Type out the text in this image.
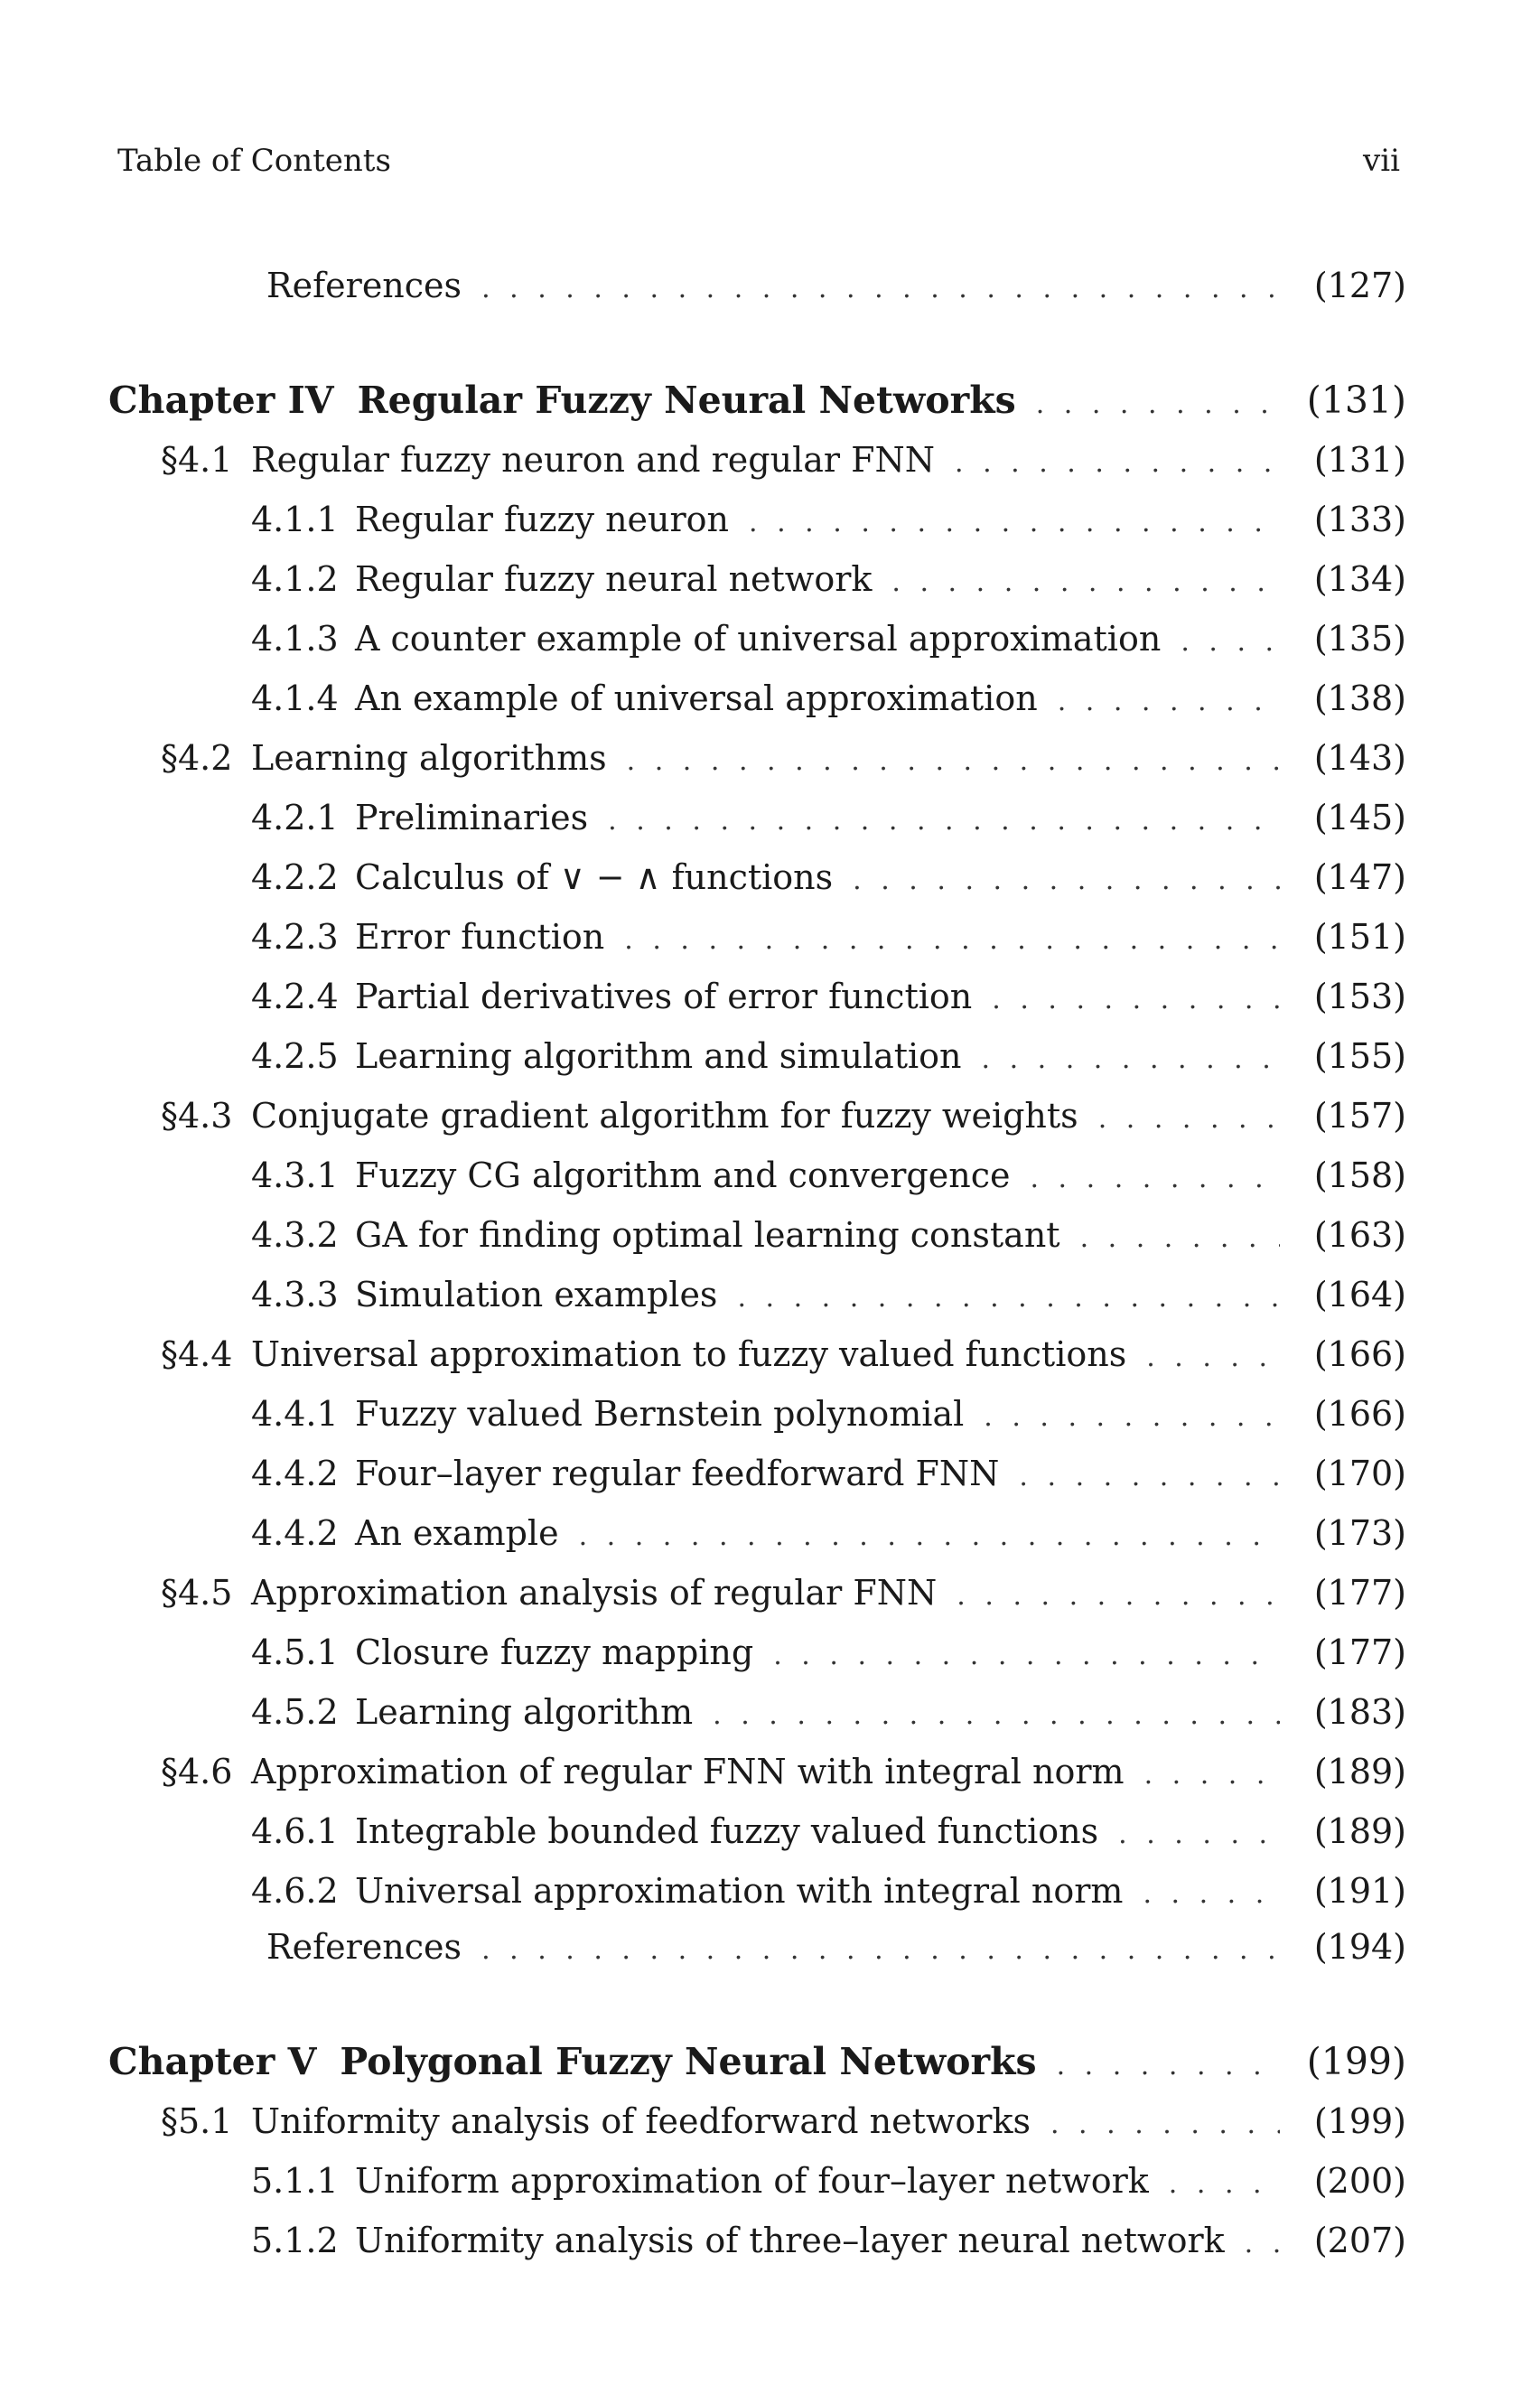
Table of Contents	vii
References . . .	(127)
Chapter IV Regular Fuzzy Neural Networks . . .	(131)
§4.1 Regular fuzzy neuron and regular FNN . . .	(131)
4.1.1 Regular fuzzy neuron . . .	(133)
4.1.2 Regular fuzzy neural network . . .	(134)
4.1.3 A counter example of universal approximation . . .	(135)
4.1.4 An example of universal approximation . . .	(138)
§4.2 Learning algorithms . . .	(143)
4.2.1 Preliminaries . . .	(145)
4.2.2 Calculus of ∨ − ∧ functions . . .	(147)
4.2.3 Error function . . .	(151)
4.2.4 Partial derivatives of error function . . .	(153)
4.2.5 Learning algorithm and simulation . . .	(155)
§4.3 Conjugate gradient algorithm for fuzzy weights . . .	(157)
4.3.1 Fuzzy CG algorithm and convergence . . .	(158)
4.3.2 GA for finding optimal learning constant . . .	(163)
4.3.3 Simulation examples . . .	(164)
§4.4 Universal approximation to fuzzy valued functions . . .	(166)
4.4.1 Fuzzy valued Bernstein polynomial . . .	(166)
4.4.2 Four–layer regular feedforward FNN . . .	(170)
4.4.2 An example . . .	(173)
§4.5 Approximation analysis of regular FNN . . .	(177)
4.5.1 Closure fuzzy mapping . . .	(177)
4.5.2 Learning algorithm . . .	(183)
§4.6 Approximation of regular FNN with integral norm . . .	(189)
4.6.1 Integrable bounded fuzzy valued functions . . .	(189)
4.6.2 Universal approximation with integral norm . . .	(191)
References . . .	(194)
Chapter V Polygonal Fuzzy Neural Networks . . .	(199)
§5.1 Uniformity analysis of feedforward networks . . .	(199)
5.1.1 Uniform approximation of four–layer network . . .	(200)
5.1.2 Uniformity analysis of three–layer neural network . . .	(207)
